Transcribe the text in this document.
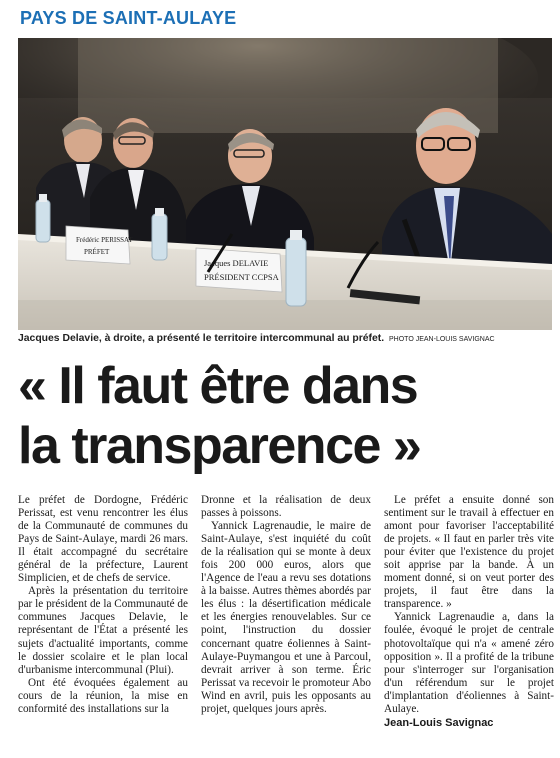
PAYS DE SAINT-AULAYE
Frédéric PERISSAT
PRÉFET
Jacques DELAVIE
PRÉSIDENT CCPSA
Jacques Delavie, à droite, a présenté le territoire intercommunal au préfet. PHOTO JEAN-LOUIS SAVIGNAC
« Il faut être dans
la transparence »

Le préfet de Dordogne, Frédéric Perissat, est venu rencontrer les élus de la Communauté de communes du Pays de Saint-Aulaye, mardi 26 mars. Il était accompagné du secrétaire général de la préfecture, Laurent Simplicien, et de chefs de service.

Après la présentation du territoire par le président de la Communauté de communes Jacques Delavie, le représentant de l'État a présenté les sujets d'actualité importants, comme le dossier scolaire et le plan local d'urbanisme intercommunal (Plui).

Ont été évoquées également au cours de la réunion, la mise en conformité des installations sur la

Dronne et la réalisation de deux passes à poissons.

Yannick Lagrenaudie, le maire de Saint-Aulaye, s'est inquiété du coût de la réalisation qui se monte à deux fois 200 000 euros, alors que l'Agence de l'eau a revu ses dotations à la baisse. Autres thèmes abordés par les élus : la désertification médicale et les énergies renouvelables. Sur ce point, l'instruction du dossier concernant quatre éoliennes à Saint-Aulaye-Puymangou et une à Parcoul, devrait arriver à son terme. Éric Perissat va recevoir le promoteur Abo Wind en avril, puis les opposants au projet, quelques jours après.

Le préfet a ensuite donné son sentiment sur le travail à effectuer en amont pour favoriser l'acceptabilité de projets. « Il faut en parler très vite pour éviter que l'existence du projet soit apprise par la bande. À un moment donné, si on veut porter des projets, il faut être dans la transparence. »

Yannick Lagrenaudie a, dans la foulée, évoqué le projet de centrale photovoltaïque qui n'a « amené zéro opposition ». Il a profité de la tribune pour s'interroger sur l'organisation d'un référendum sur le projet d'implantation d'éoliennes à Saint-Aulaye.

Jean-Louis Savignac
